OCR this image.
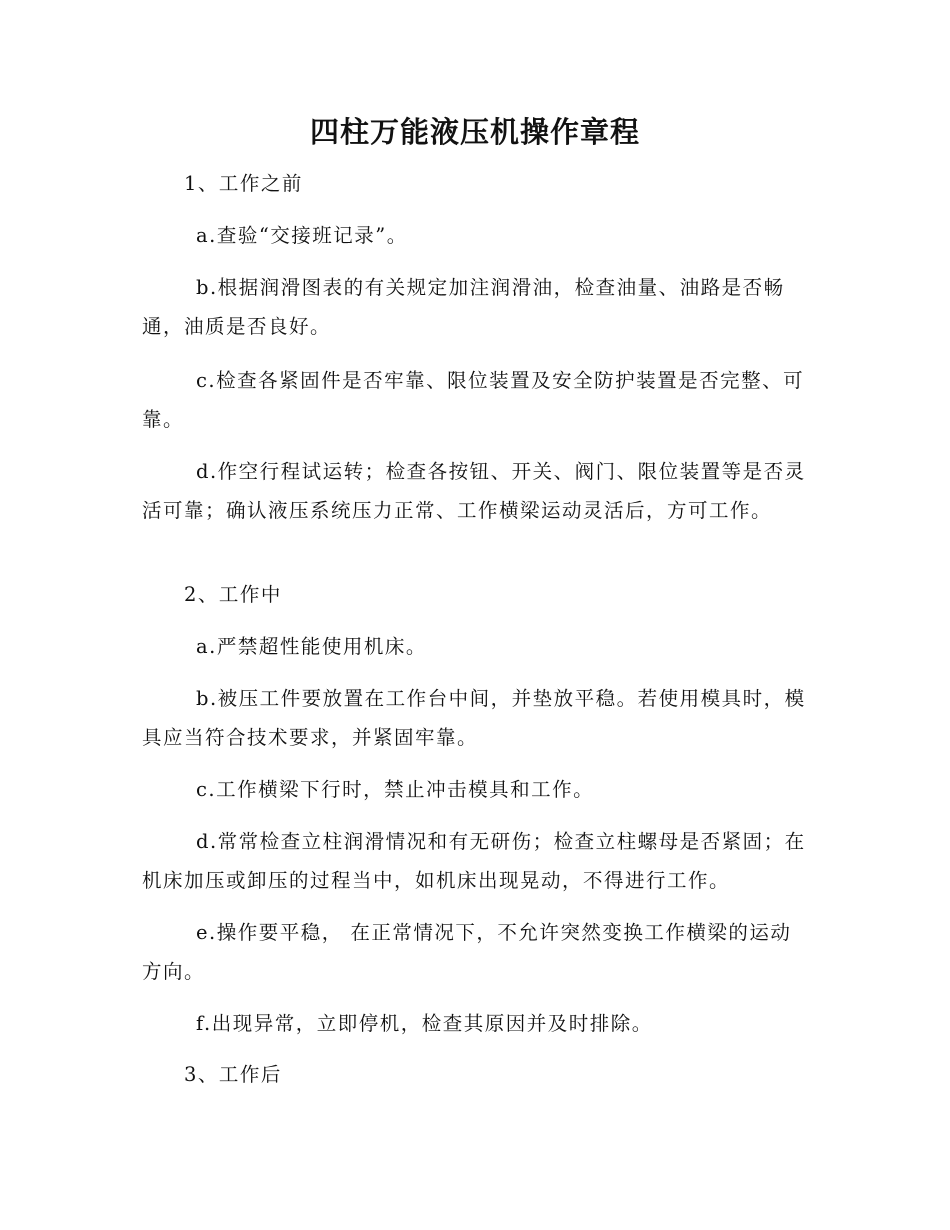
四柱万能液压机操作章程

1、工作之前

a.查验“交接班记录”。

b.根据润滑图表的有关规定加注润滑油，检查油量、油路是否畅通，油质是否良好。

c.检查各紧固件是否牢靠、限位装置及安全防护装置是否完整、可靠。

d.作空行程试运转；检查各按钮、开关、阀门、限位装置等是否灵活可靠；确认液压系统压力正常、工作横梁运动灵活后，方可工作。

2、工作中

a.严禁超性能使用机床。

b.被压工件要放置在工作台中间，并垫放平稳。若使用模具时，模具应当符合技术要求，并紧固牢靠。

c.工作横梁下行时，禁止冲击模具和工作。

d.常常检查立柱润滑情况和有无研伤；检查立柱螺母是否紧固；在机床加压或卸压的过程当中，如机床出现晃动，不得进行工作。

e.操作要平稳， 在正常情况下，不允许突然变换工作横梁的运动方向。

f.出现异常，立即停机，检查其原因并及时排除。

3、工作后
